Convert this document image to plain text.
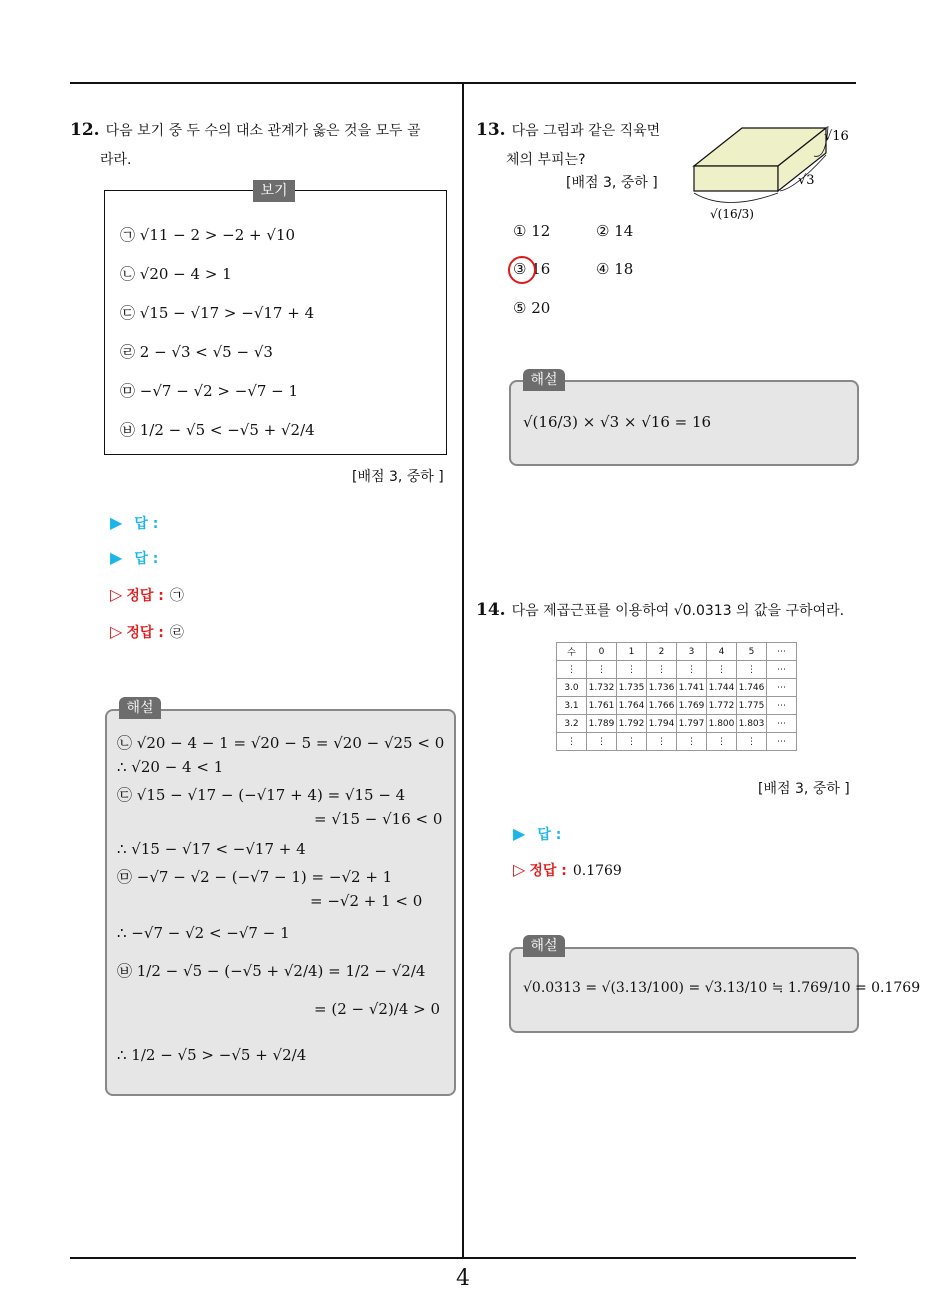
4
12. 다음 보기 중 두 수의 대소 관계가 옳은 것을 모두 골
라라.
보기
㉠ √11 − 2 > −2 + √10
㉡ √20 − 4 > 1
㉢ √15 − √17 > −√17 + 4
㉣ 2 − √3 < √5 − √3
㉤ −√7 − √2 > −√7 − 1
㉥ 1/2 − √5 < −√5 + √2/4
[배점 3, 중하 ]
▶ 답 :
▶ 답 :
▷ 정답 : ㉠
▷ 정답 : ㉣
해설
㉡ √20 − 4 − 1 = √20 − 5 = √20 − √25 < 0
∴ √20 − 4 < 1
㉢ √15 − √17 − (−√17 + 4) = √15 − 4
= √15 − √16 < 0
∴ √15 − √17 < −√17 + 4
㉤ −√7 − √2 − (−√7 − 1) = −√2 + 1
= −√2 + 1 < 0
∴ −√7 − √2 < −√7 − 1
㉥ 1/2 − √5 − (−√5 + √2/4) = 1/2 − √2/4
= (2 − √2)/4 > 0
∴ 1/2 − √5 > −√5 + √2/4
13. 다음 그림과 같은 직육면
체의 부피는?
[배점 3, 중하 ]
√16
√3
√(16/3)
① 12	② 14
③ 16	④ 18
⑤ 20
해설
√(16/3) × √3 × √16 = 16
14. 다음 제곱근표를 이용하여 √0.0313 의 값을 구하여라.
수	0	1	2	3	4	5	⋯
⋮	⋮	⋮	⋮	⋮	⋮	⋮	⋯
3.0	1.732	1.735	1.736	1.741	1.744	1.746	⋯
3.1	1.761	1.764	1.766	1.769	1.772	1.775	⋯
3.2	1.789	1.792	1.794	1.797	1.800	1.803	⋯
⋮	⋮	⋮	⋮	⋮	⋮	⋮	⋯
[배점 3, 중하 ]
▶ 답 :
▷ 정답 : 0.1769
해설
√0.0313 = √(3.13/100) = √3.13/10 ≒ 1.769/10 = 0.1769
